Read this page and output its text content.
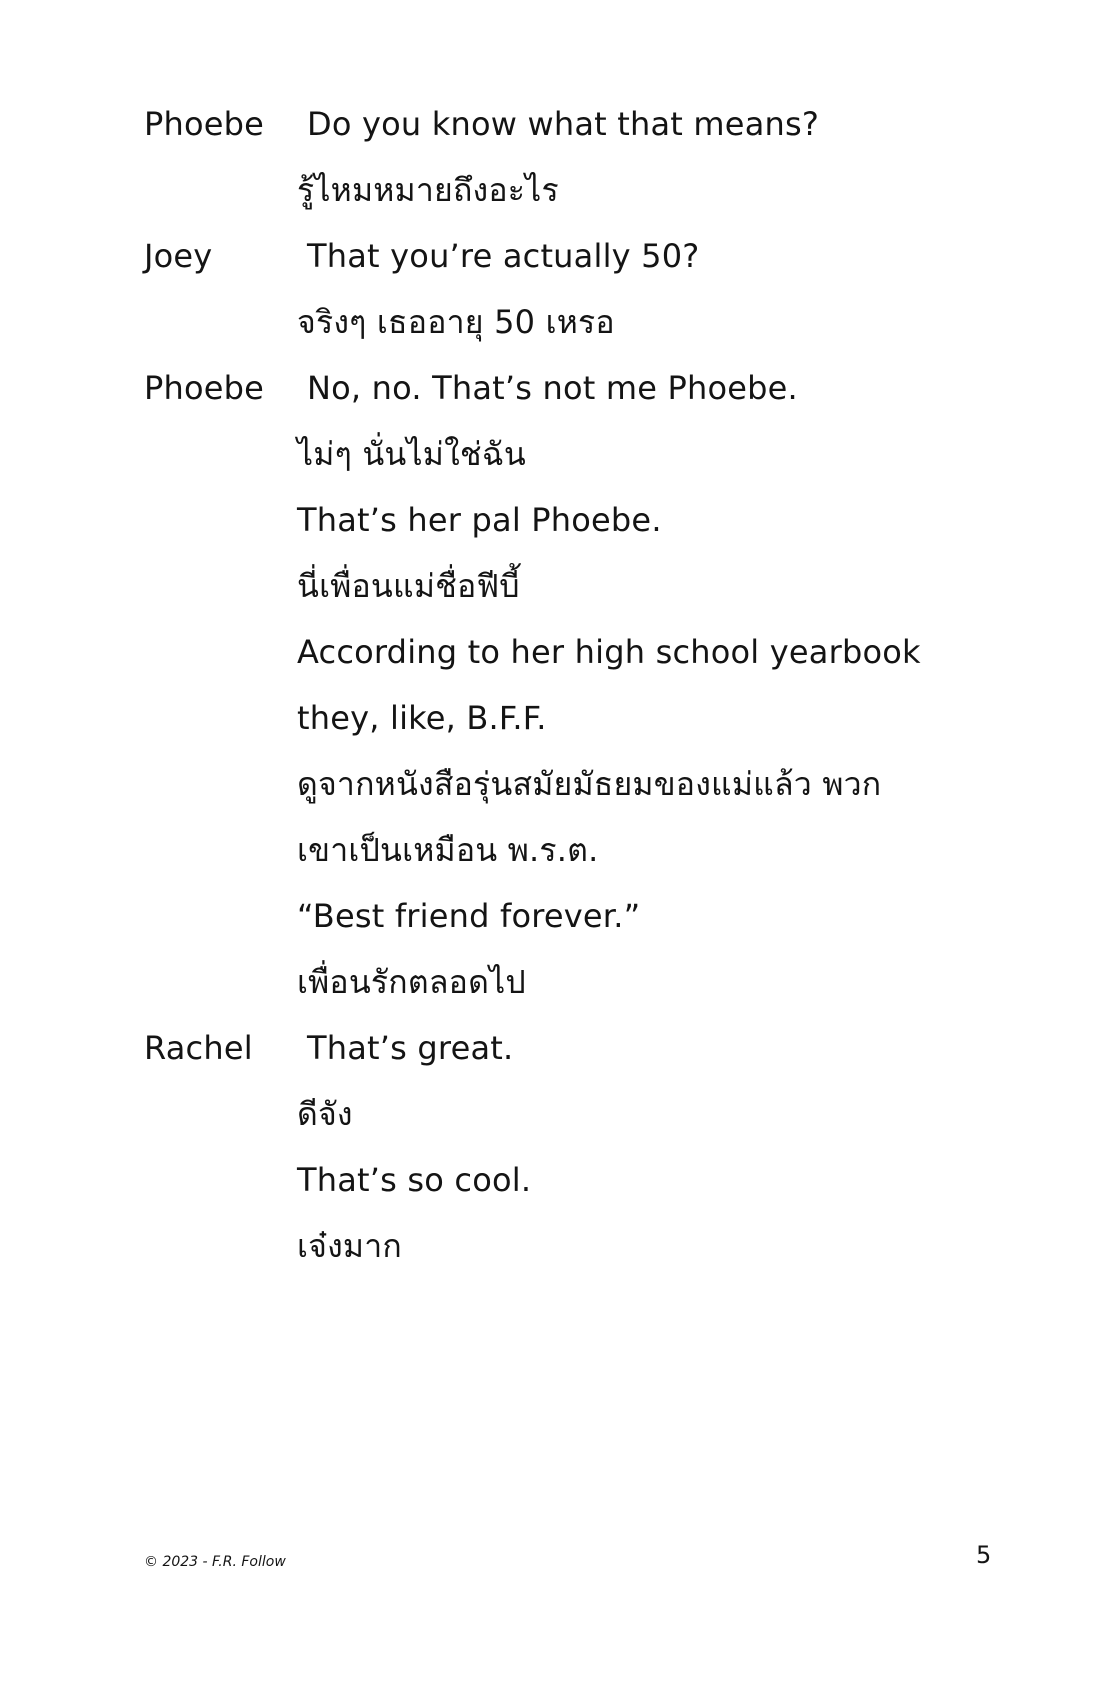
Phoebe Do you know what that means?
รู้ไหมหมายถึงอะไร
Joey	That you’re actually 50?
จริงๆ เธออายุ 50 เหรอ
Phoebe No, no. That’s not me Phoebe.
ไม่ๆ นั่นไม่ใช่ฉัน
That’s her pal Phoebe.
นี่เพื่อนแม่ชื่อฟีบี้
According to her high school yearbook
they, like, B.F.F.
ดูจากหนังสือรุ่นสมัยมัธยมของแม่แล้ว พวก
เขาเป็นเหมือน พ.ร.ต.
“Best friend forever.”
เพื่อนรักตลอดไป
Rachel That’s great.
ดีจัง
That’s so cool.
เจ๋งมาก
© 2023 - F.R. Follow	5
